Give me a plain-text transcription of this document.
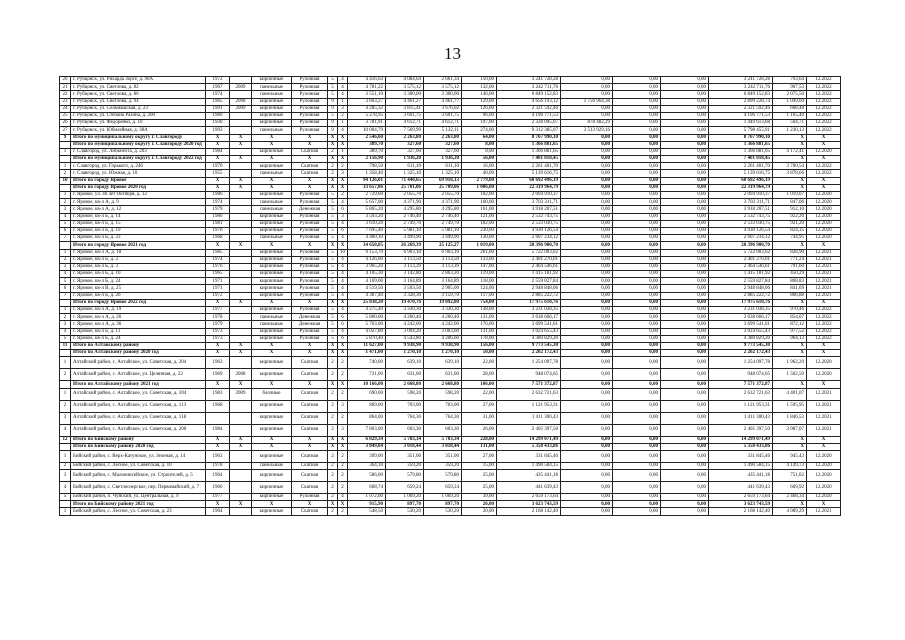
13
20	г. Рубцовск, ул. Рихарда Зорге, д. 90А	1972		кирпичные	Рулонная	5	4	4 416,64	4 084,64	2 661,34	110,00	3 241 728,28	0,00	0,00	0,00	3 241 728,28	793,64	12.2022
21	г. Рубцовск, ул. Светлова, д. 82	1967	2009	панельные	Рулонная	5	4	4 781,22	3 575,12	3 575,12	132,00	3 242 711,76	0,00	0,00	0,00	3 242 711,76	907,53	12.2022
22	г. Рубцовск, ул. Светлова, д. 86	1974		панельные	Рулонная	5	4	3 551,10	3 300,00	3 300,00	146,00	6 849 152,83	0,00	0,00	0,00	6 849 152,83	2 075,50	12.2022
23	г. Рубцовск, ул. Светлова, д. 94	1965	2008	кирпичные	Рулонная	9	1	3 603,27	4 461,27	4 461,77	129,00	4 656 193,12	1 756 964,38	0,00	0,00	2 899 228,74	1 049,69	12.2022
24	г. Рубцовск, ул. Сельмашская, д. 23	1991	2009	кирпичные	Рулонная	9	3	4 285,32	3 815,41	3 676,02	126,00	2 321 592,46	0,00	0,00	0,00	2 321 592,46	608,48	12.2022
25	г. Рубцовск, ул. Степана Разина, д. 200	1989		кирпичные	Рулонная	5	2	5 278,95	3 601,75	3 601,75	96,00	4 196 771,53	0,00	0,00	0,00	4 196 771,53	1 165,40	12.2022
26	г. Рубцовск, ул. Федоренко, д. 10	1930		кирпичные	Рулонная	9	1	3 781,91	4 612,71	4 612,71	197,00	2 328 095,07	878 482,29	0,00	0,00	1 449 613,68	504,71	12.2022
27	г. Рубцовск, ул. Юбилейная, д. 38А	1993		панельные	Рулонная	9	4	10 004,79	7 569,99	5 132,11	274,00	9 312 385,07	3 513 929,16	0,00	0,00	5 798 455,91	1 230,13	12.2022
9	Итого по муниципальному округу г. Славгороду	X	X	X	X	X	X	2 546,60	2 263,80	2 263,80	64,00	8 767 990,10	0,00	0,00	0,00	8 767 990,10	X	X
	Итого по муниципальному округу г. Славгороду 2020 год	X	X	X	X	X	X	389,70	327,60	327,60	8,00	1 366 881,65	0,00	0,00	0,00	1 366 881,65	X	X
1	г. Славгород, ул. Либкнехта, д. 203	1984		кирпичные	Скатная	2	1	389,70	327,60	327,60	8,00	1 366 881,65	0,00	0,00	0,00	1 366 881,65	4 172,41	12.2020
	Итого по муниципальному округу г. Славгороду 2022 год	X	X	X	X	X	X	2 156,90	1 936,20	1 936,20	56,00	7 401 018,45	0,00	0,00	0,00	7 401 018,45	X	X
1	г. Славгород, ул. Горького, д. 246	1970		кирпичные	Скатная	2	2	798,50	611,10	611,10	16,00	2 261 401,70	0,00	0,00	0,00	2 261 401,70	3 700,54	12.2022
2	г. Славгород, ул. Южная, д. 10	1955		панельные	Скатная	2	3	1 358,40	1 325,10	1 325,10	40,00	5 139 616,75	0,00	0,00	0,00	5 139 616,75	3 878,66	12.2022
10	Итого по городу Яровое	X	X	X	X	X	X	94 126,01	71 440,65	69 918,13	2 779,00	60 692 496,19	0,00	0,00	0,00	60 692 496,19	X	X
	Итого по городу Яровое 2020 год	X	X	X	X	X	X	33 657,86	25 701,06	25 709,06	1 006,00	22 319 964,79	0,00	0,00	0,00	22 319 964,79	X	X
1	г. Яровое, ул. 40 лет Октября, д. 12	1986		кирпичные	Рулонная	5	2	2 729,60	2 055,70	2 055,70	102,00	2 094 910,37	0,00	0,00	0,00	2 094 910,37	1 019,07	12.2020
2	г. Яровое, кв-л А, д. 9	1974		панельные	Рулонная	5	4	5 657,00	4 371,90	4 371,90	160,00	3 703 311,71	0,00	0,00	0,00	3 703 311,71	847,06	12.2020
3	г. Яровое, кв-л А, д. 12	1979		панельные	Денежная	5	6	5 865,20	4 295,80	4 295,80	161,00	3 918 207,51	0,00	0,00	0,00	3 918 207,51	912,10	12.2020
4	г. Яровое, кв-л Б, д. 14	1980		кирпичные	Рулонная	5	3	3 593,20	2 746,40	2 746,40	121,00	2 532 743,75	0,00	0,00	0,00	2 532 743,75	922,20	12.2020
5	г. Яровое, кв-л Б, д. 15	1981		кирпичные	Рулонная	5	4	3 610,20	2 749,70	2 749,70	102,00	2 533 030,75	0,00	0,00	0,00	2 533 030,75	921,20	12.2020
6	г. Яровое, кв-л Б, д. 19	1976		кирпичные	Рулонная	5	6	7 695,40	5 981,10	5 981,10	230,00	4 930 126,54	0,00	0,00	0,00	4 930 126,54	824,35	12.2020
7	г. Яровое, кв-л Б, д. 23	1968		панельные	Рулонная	5	4	4 489,10	3 499,90	3 499,90	130,00	2 607 234,12	0,00	0,00	0,00	2 607 234,12	744,95	12.2020
	Итого по городу Яровое 2021 год	X	X	X	X	X	X	34 650,85	26 269,39	25 125,27	1 019,00	20 396 900,70	0,00	0,00	0,00	20 396 900,70	X	X
1	г. Яровое, кв-л А, д. 18	1985		кирпичные	Рулонная	5	10	9 153,70	6 903,10	6 903,10	261,00	5 722 003,62	0,00	0,00	0,00	5 722 003,62	828,90	12.2021
2	г. Яровое, кв-л Б, д. 2	1974		кирпичные	Рулонная	5	4	4 126,00	3 113,50	3 113,50	133,00	2 401 270,01	0,00	0,00	0,00	2 401 270,01	771,24	12.2021
3	г. Яровое, кв-л Б, д. 3	1976		кирпичные	Рулонная	5	4	3 905,20	3 113,39	3 113,39	147,00	2 464 546,61	0,00	0,00	0,00	2 464 546,61	791,60	12.2021
4	г. Яровое, кв-л Б, д. 10	1965		кирпичные	Рулонная	5	4	4 105,30	3 142,80	2 863,20	119,00	1 415 181,92	0,00	0,00	0,00	1 415 181,92	450,29	12.2021
5	г. Яровое, кв-л Б, д. 24	1971		кирпичные	Рулонная	5	4	4 169,00	3 164,89	3 164,89	118,00	2 559 827,84	0,00	0,00	0,00	2 559 827,84	808,83	12.2021
6	г. Яровое, кв-л В, д. 25	1971		кирпичные	Рулонная	5	4	4 519,50	3 503,50	2 905,00	124,00	2 948 848,06	0,00	0,00	0,00	2 948 848,06	841,69	12.2021
7	г. Яровое, кв-л Б, д. 26	1972		кирпичные	Рулонная	5	4	4 387,40	3 328,30	3 159,70	117,00	2 885 222,72	0,00	0,00	0,00	2 885 222,72	866,88	12.2021
	Итого по городу Яровое 2022 год	X	X	X	X	X	X	25 838,20	19 470,76	19 092,80	754,00	17 975 610,76	0,00	0,00	0,00	17 975 610,76	X	X
1	г. Яровое, кв-л А, д. 19	1977		кирпичные	Рулонная	5	4	4 275,40	3 330,30	3 330,30	138,00	3 231 038,35	0,00	0,00	0,00	3 231 038,35	970,46	12.2022
2	г. Яровое, кв-л А, д. 26	1978		панельные	Денежная	5	6	5 800,00	4 260,40	4 260,40	131,00	3 638 666,17	0,00	0,00	0,00	3 638 666,17	854,07	12.2022
3	г. Яровое, кв-л А, д. 36	1979		панельные	Денежная	5	6	5 763,00	4 242,00	4 242,00	176,00	3 699 541,61	0,00	0,00	0,00	3 699 541,61	872,12	12.2022
4	г. Яровое, кв-л Б, д. 11	1973		кирпичные	Рулонная	5	4	4 027,80	3 094,20	3 003,60	131,00	3 024 655,43	0,00	0,00	0,00	3 024 655,43	977,52	12.2022
5	г. Яровое, кв-л Б, д. 24	1973		кирпичные	Рулонная	5	6	5 870,40	4 543,80	4 206,60	178,00	4 380 829,20	0,00	0,00	0,00	4 380 829,20	964,13	12.2022
11	Итого по Алтайскому району	X	X	X	X	X	X	11 627,00	9 938,90	9 938,90	156,00	9 773 545,30	0,00	0,00	0,00	9 773 545,30	X	X
	Итого по Алтайскому району 2020 год	X	X	X	X	X	X	1 471,00	1 270,10	1 270,10	50,00	2 202 172,43	0,00	0,00	0,00	2 202 172,43	X	X
1	Алтайский район, с. Алтайское, ул. Советская, д. 204	1963		кирпичные	Скатная	2	2	740,00	639,10	639,10	22,00	1 254 097,78	0,00	0,00	0,00	1 254 097,78	1 962,29	12.2020
2	Алтайский район, с. Алтайское, ул. Целинная, д. 22	1969	2008	кирпичные	Скатная	2	2	731,00	631,00	631,00	28,00	948 074,65	0,00	0,00	0,00	948 074,65	1 502,50	12.2020
	Итого по Алтайскому району 2021 год	X	X	X	X	X	X	10 166,00	2 668,80	2 668,80	106,00	7 571 372,87	0,00	0,00	0,00	7 571 372,87	X	X
1	Алтайский район, с. Алтайское, ул. Советская, д. 104	1983	2009	блочные	Скатная	2	2	690,00	598,20	598,20	22,00	2 632 721,63	0,00	0,00	0,00	2 632 721,63	4 401,07	12.2021
2	Алтайский район, с. Алтайское, ул. Советская, д. 113	1968		кирпичные	Скатная	2	3	809,00	703,00	703,00	27,00	1 121 953,31	0,00	0,00	0,00	1 121 953,31	1 595,95	12.2021
3	Алтайский район, с. Алтайское, ул. Советская, д. 118			кирпичные	Скатная	2	2	864,00	764,30	764,30	31,00	1 411 300,43	0,00	0,00	0,00	1 411 300,43	1 846,53	12.2021
4	Алтайский район, с. Алтайское, ул. Советская, д. 200	1984		кирпичные	Скатная	2	3	7 803,00	603,30	603,30	26,00	2 405 397,50	0,00	0,00	0,00	2 405 397,50	3 987,07	12.2021
12	Итого по Бийскому району	X	X	X	X	X	X	6 829,34	5 703,34	5 703,34	228,00	14 299 071,49	0,00	0,00	0,00	14 299 071,49	X	X
	Итого по Бийскому району 2020 год	X	X	X	X	X	X	3 049,84	3 018,44	3 018,44	131,00	5 358 433,86	0,00	0,00	0,00	5 358 433,86	X	X
1	Бийский район, с. Верх-Катунское, ул. Зеленая, д. 14	1963		кирпичные	Скатная	2	2	399,00	351,00	351,00	27,00	331 845,46	0,00	0,00	0,00	331 845,46	945,43	12.2020
2	Бийский район, с. Лесное, ул. Советская, д. 10	1978		панельные	Скатная	2	2	364,10	359,20	359,20	15,00	1 490 584,15	0,00	0,00	0,00	1 490 584,15	4 149,73	12.2020
3	Бийский район, с. Малоенисейское, ул. Строителей, д. 5	1964		кирпичные	Скатная	2	2	586,00	579,80	579,80	25,00	435 441,18	0,00	0,00	0,00	435 441,18	751,02	12.2020
4	Бийский район, с. Светлоозерское, пер. Первомайский, д. 7	1966		кирпичные	Скатная	2	2	608,74	659,24	659,24	25,00	441 639,43	0,00	0,00	0,00	441 639,43	669,92	12.2020
5	Бийский район, п. Чуйский, ул. Центральная, д. 9	1977		кирпичные	Рулонная	2	4	1 072,00	1 069,20	1 069,20	39,00	2 659 173,64	0,00	0,00	0,00	2 659 173,64	2 468,34	12.2020
	Итого по Бийскому району 2021 год	X	X	X	X	X	X	915,90	897,70	897,70	26,00	3 623 743,59	0,00	0,00	0,00	3 623 743,59	X	X
1	Бийский район, с. Лесное, ул. Советская, д. 23	1964		кирпичные	Скатная	2	2	548,50	530,20	530,20	20,00	2 168 142,40	0,00	0,00	0,00	2 168 142,40	4 089,29	12.2021
